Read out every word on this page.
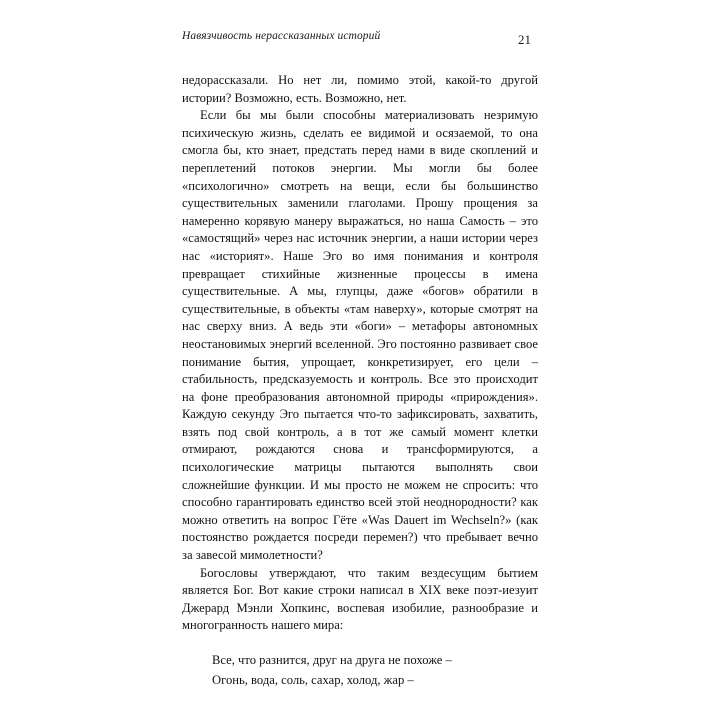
Навязчивость нерассказанных историй	21

недорассказали. Но нет ли, помимо этой, какой-то другой истории? Возможно, есть. Возможно, нет.

Если бы мы были способны материализовать незримую психическую жизнь, сделать ее видимой и осязаемой, то она смогла бы, кто знает, предстать перед нами в виде скоплений и переплетений потоков энергии. Мы могли бы более «психологично» смотреть на вещи, если бы большинство существительных заменили глаголами. Прошу прощения за намеренно корявую манеру выражаться, но наша Самость – это «самостящий» через нас источник энергии, а наши истории через нас «историят». Наше Эго во имя понимания и контроля превращает стихийные жизненные процессы в имена существительные. А мы, глупцы, даже «богов» обратили в существительные, в объекты «там наверху», которые смотрят на нас сверху вниз. А ведь эти «боги» – метафоры автономных неостановимых энергий вселенной. Эго постоянно развивает свое понимание бытия, упрощает, конкретизирует, его цели – стабильность, предсказуемость и контроль. Все это происходит на фоне преобразования автономной природы «прирождения». Каждую секунду Эго пытается что-то зафиксировать, захватить, взять под свой контроль, а в тот же самый момент клетки отмирают, рождаются снова и трансформируются, а психологические матрицы пытаются выполнять свои сложнейшие функции. И мы просто не можем не спросить: что способно гарантировать единство всей этой неоднородности? как можно ответить на вопрос Гёте «Was Dauert im Wechseln?» (как постоянство рождается посреди перемен?) что пребывает вечно за завесой мимолетности?

Богословы утверждают, что таким вездесущим бытием является Бог. Вот какие строки написал в XIX веке поэт-иезуит Джерард Мэнли Хопкинс, воспевая изобилие, разнообразие и многогранность нашего мира:

Все, что разнится, друг на друга не похоже –
Огонь, вода, соль, сахар, холод, жар –
